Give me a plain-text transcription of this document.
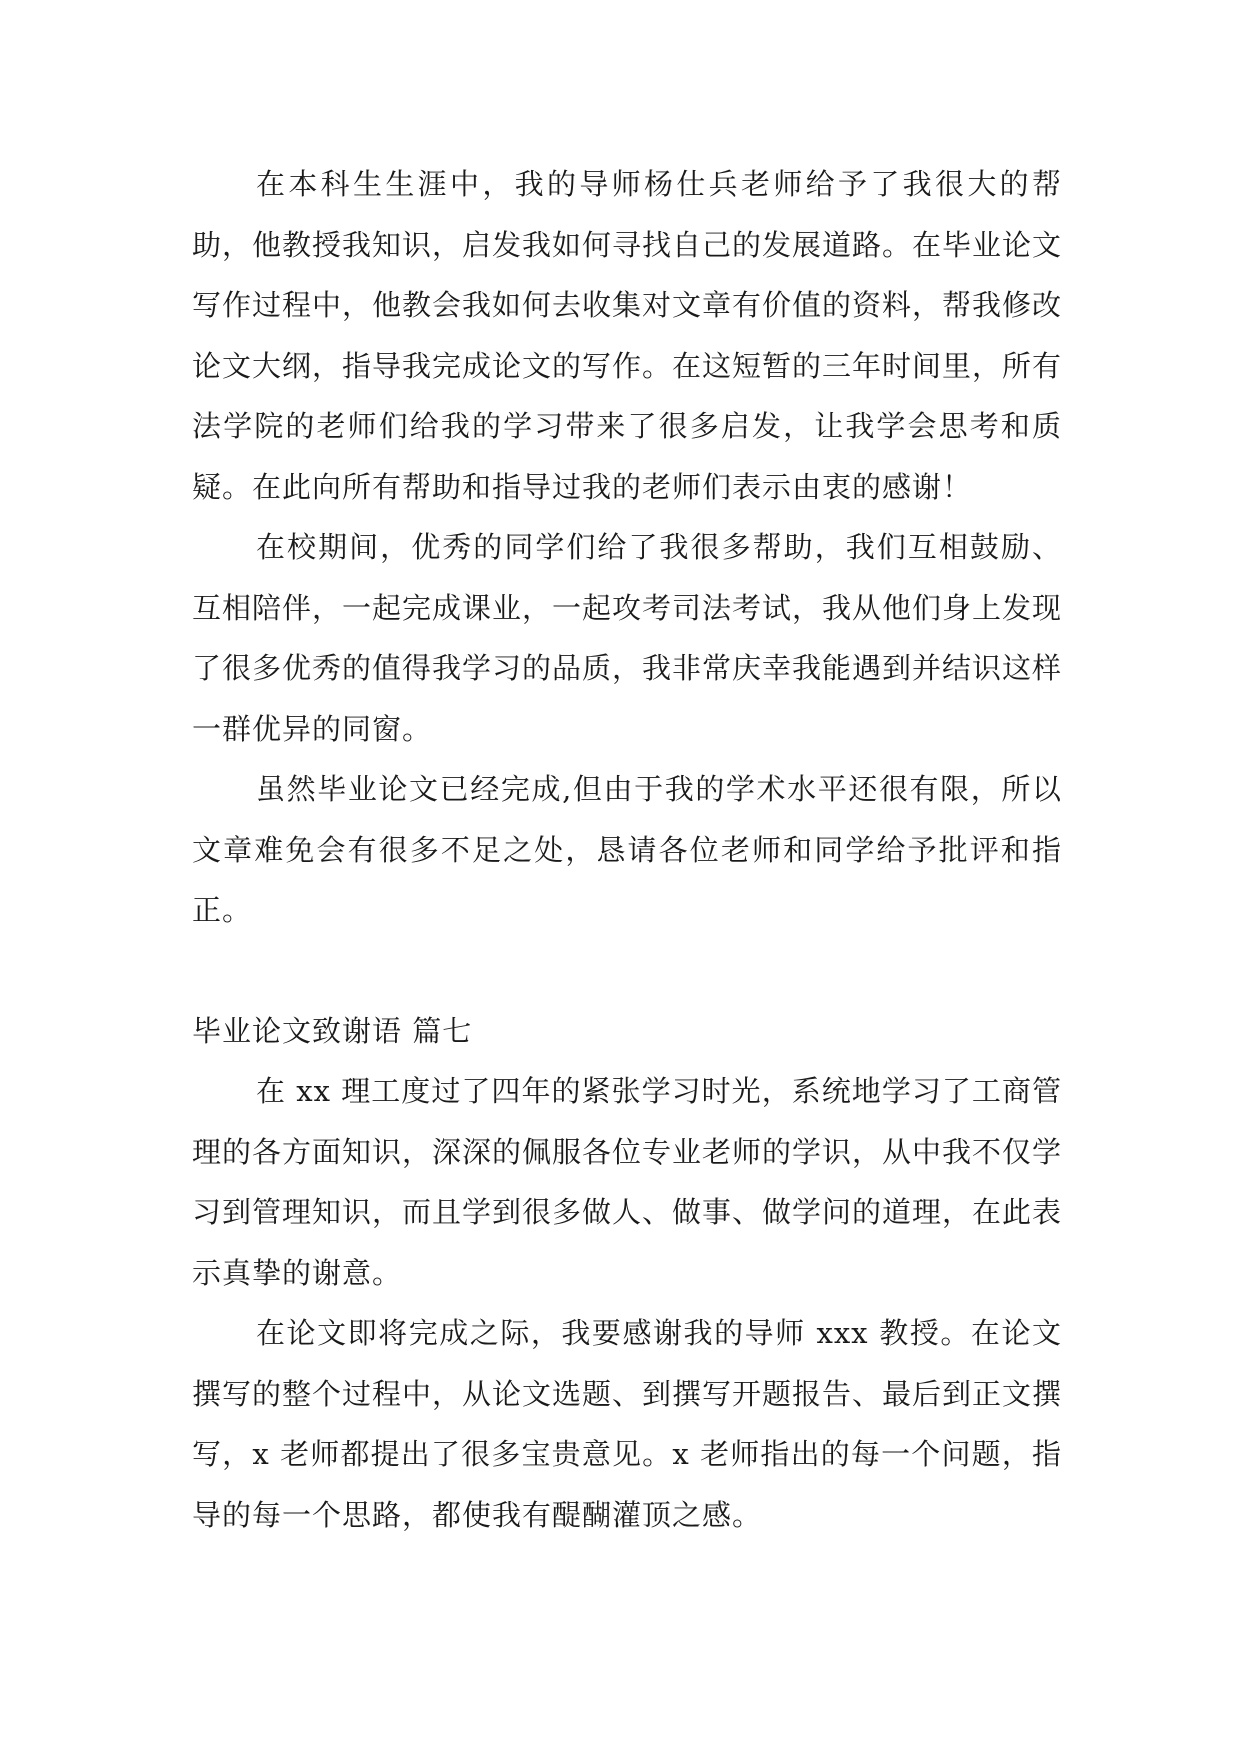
在本科生生涯中，我的导师杨仕兵老师给予了我很大的帮助，他教授我知识，启发我如何寻找自己的发展道路。在毕业论文写作过程中，他教会我如何去收集对文章有价值的资料，帮我修改论文大纲，指导我完成论文的写作。在这短暂的三年时间里，所有法学院的老师们给我的学习带来了很多启发，让我学会思考和质疑。在此向所有帮助和指导过我的老师们表示由衷的感谢！

在校期间，优秀的同学们给了我很多帮助，我们互相鼓励、互相陪伴，一起完成课业，一起攻考司法考试，我从他们身上发现了很多优秀的值得我学习的品质，我非常庆幸我能遇到并结识这样一群优异的同窗。

虽然毕业论文已经完成,但由于我的学术水平还很有限，所以文章难免会有很多不足之处，恳请各位老师和同学给予批评和指正。

毕业论文致谢语 篇七

在 xx 理工度过了四年的紧张学习时光，系统地学习了工商管理的各方面知识，深深的佩服各位专业老师的学识，从中我不仅学习到管理知识，而且学到很多做人、做事、做学问的道理，在此表示真挚的谢意。

在论文即将完成之际，我要感谢我的导师 xxx 教授。在论文撰写的整个过程中，从论文选题、到撰写开题报告、最后到正文撰写，x 老师都提出了很多宝贵意见。x 老师指出的每一个问题，指导的每一个思路，都使我有醍醐灌顶之感。
